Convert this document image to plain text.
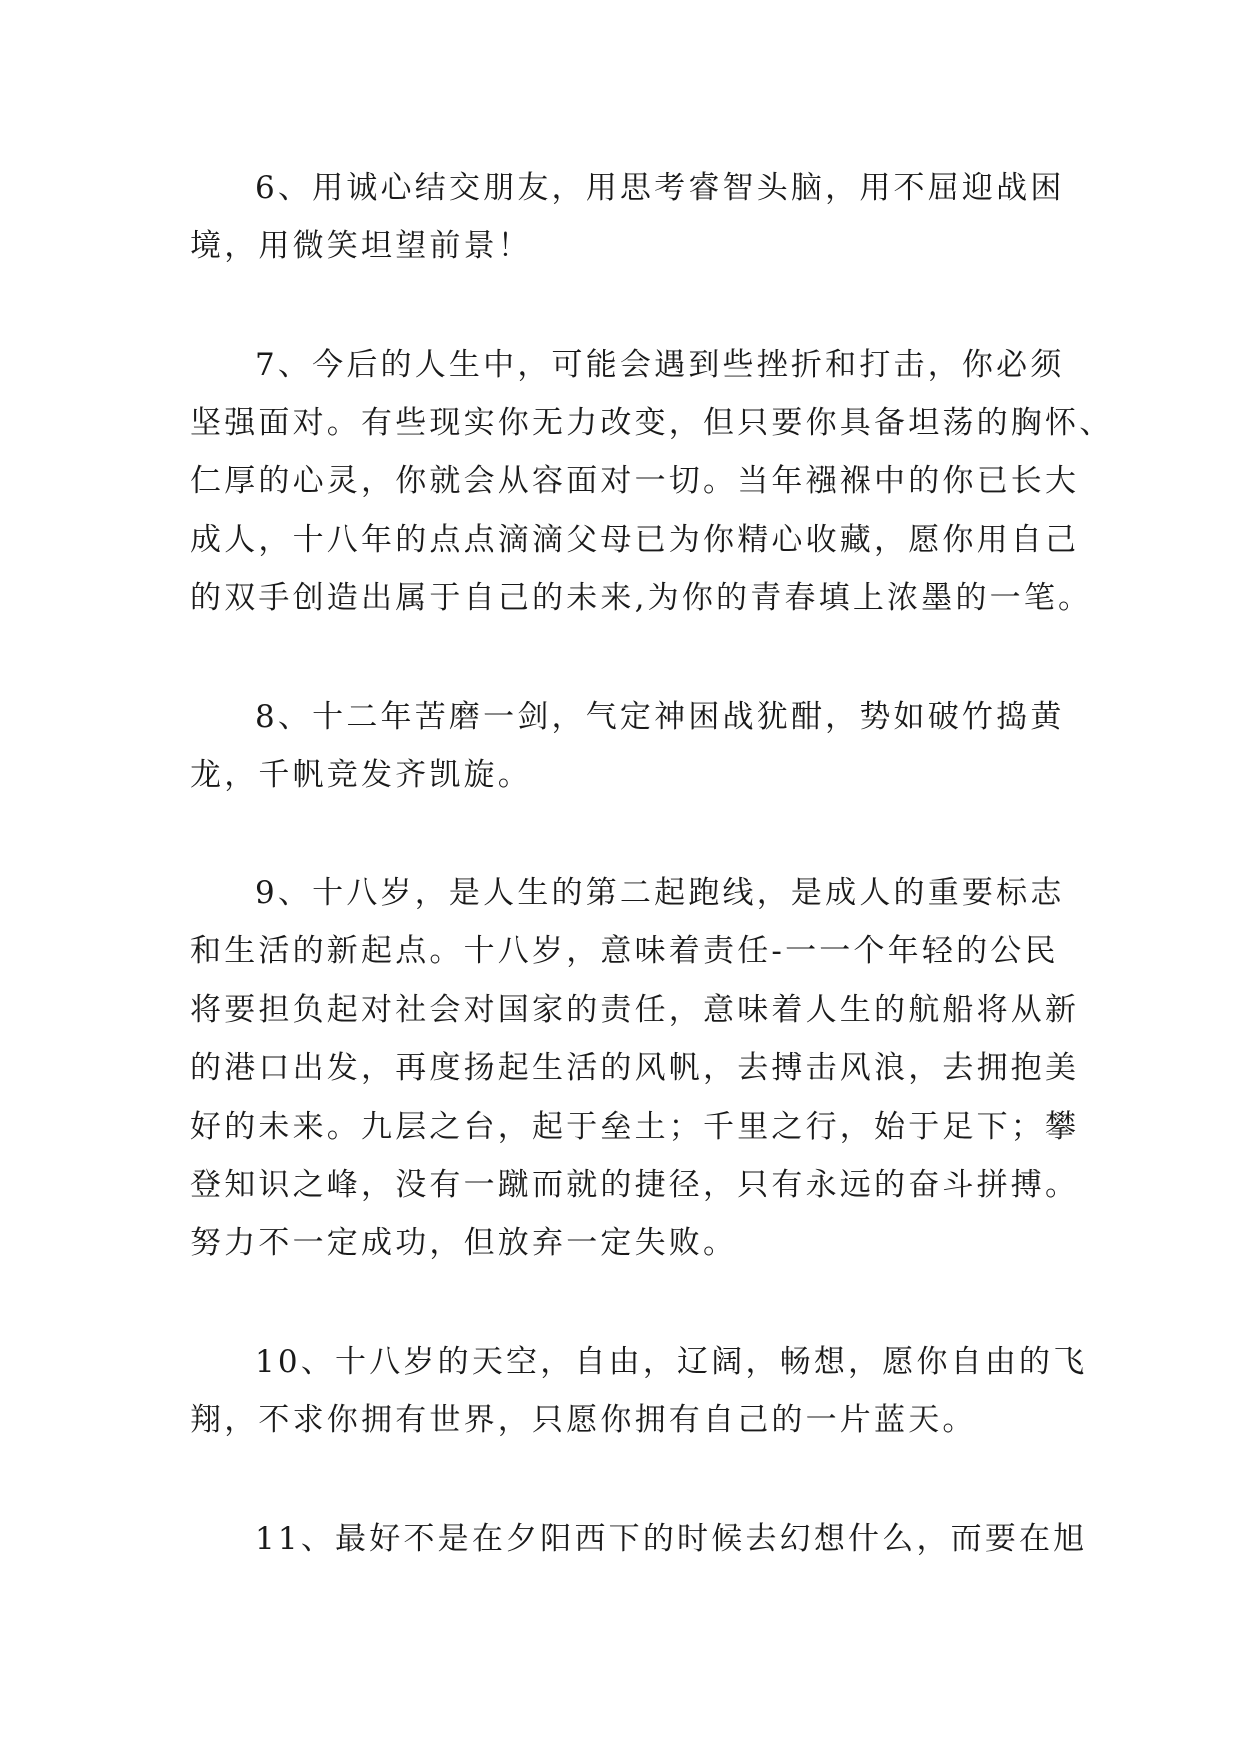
6、用诚心结交朋友，用思考睿智头脑，用不屈迎战困
境，用微笑坦望前景！
7、今后的人生中，可能会遇到些挫折和打击，你必须
坚强面对。有些现实你无力改变，但只要你具备坦荡的胸怀、
仁厚的心灵，你就会从容面对一切。当年襁褓中的你已长大
成人，十八年的点点滴滴父母已为你精心收藏，愿你用自己
的双手创造出属于自己的未来,为你的青春填上浓墨的一笔。
8、十二年苦磨一剑，气定神困战犹酣，势如破竹捣黄
龙，千帆竞发齐凯旋。
9、十八岁，是人生的第二起跑线，是成人的重要标志
和生活的新起点。十八岁，意味着责任-一一个年轻的公民
将要担负起对社会对国家的责任，意味着人生的航船将从新
的港口出发，再度扬起生活的风帆，去搏击风浪，去拥抱美
好的未来。九层之台，起于垒土；千里之行，始于足下；攀
登知识之峰，没有一蹴而就的捷径，只有永远的奋斗拼搏。
努力不一定成功，但放弃一定失败。
10、十八岁的天空，自由，辽阔，畅想，愿你自由的飞
翔，不求你拥有世界，只愿你拥有自己的一片蓝天。
11、最好不是在夕阳西下的时候去幻想什么，而要在旭
